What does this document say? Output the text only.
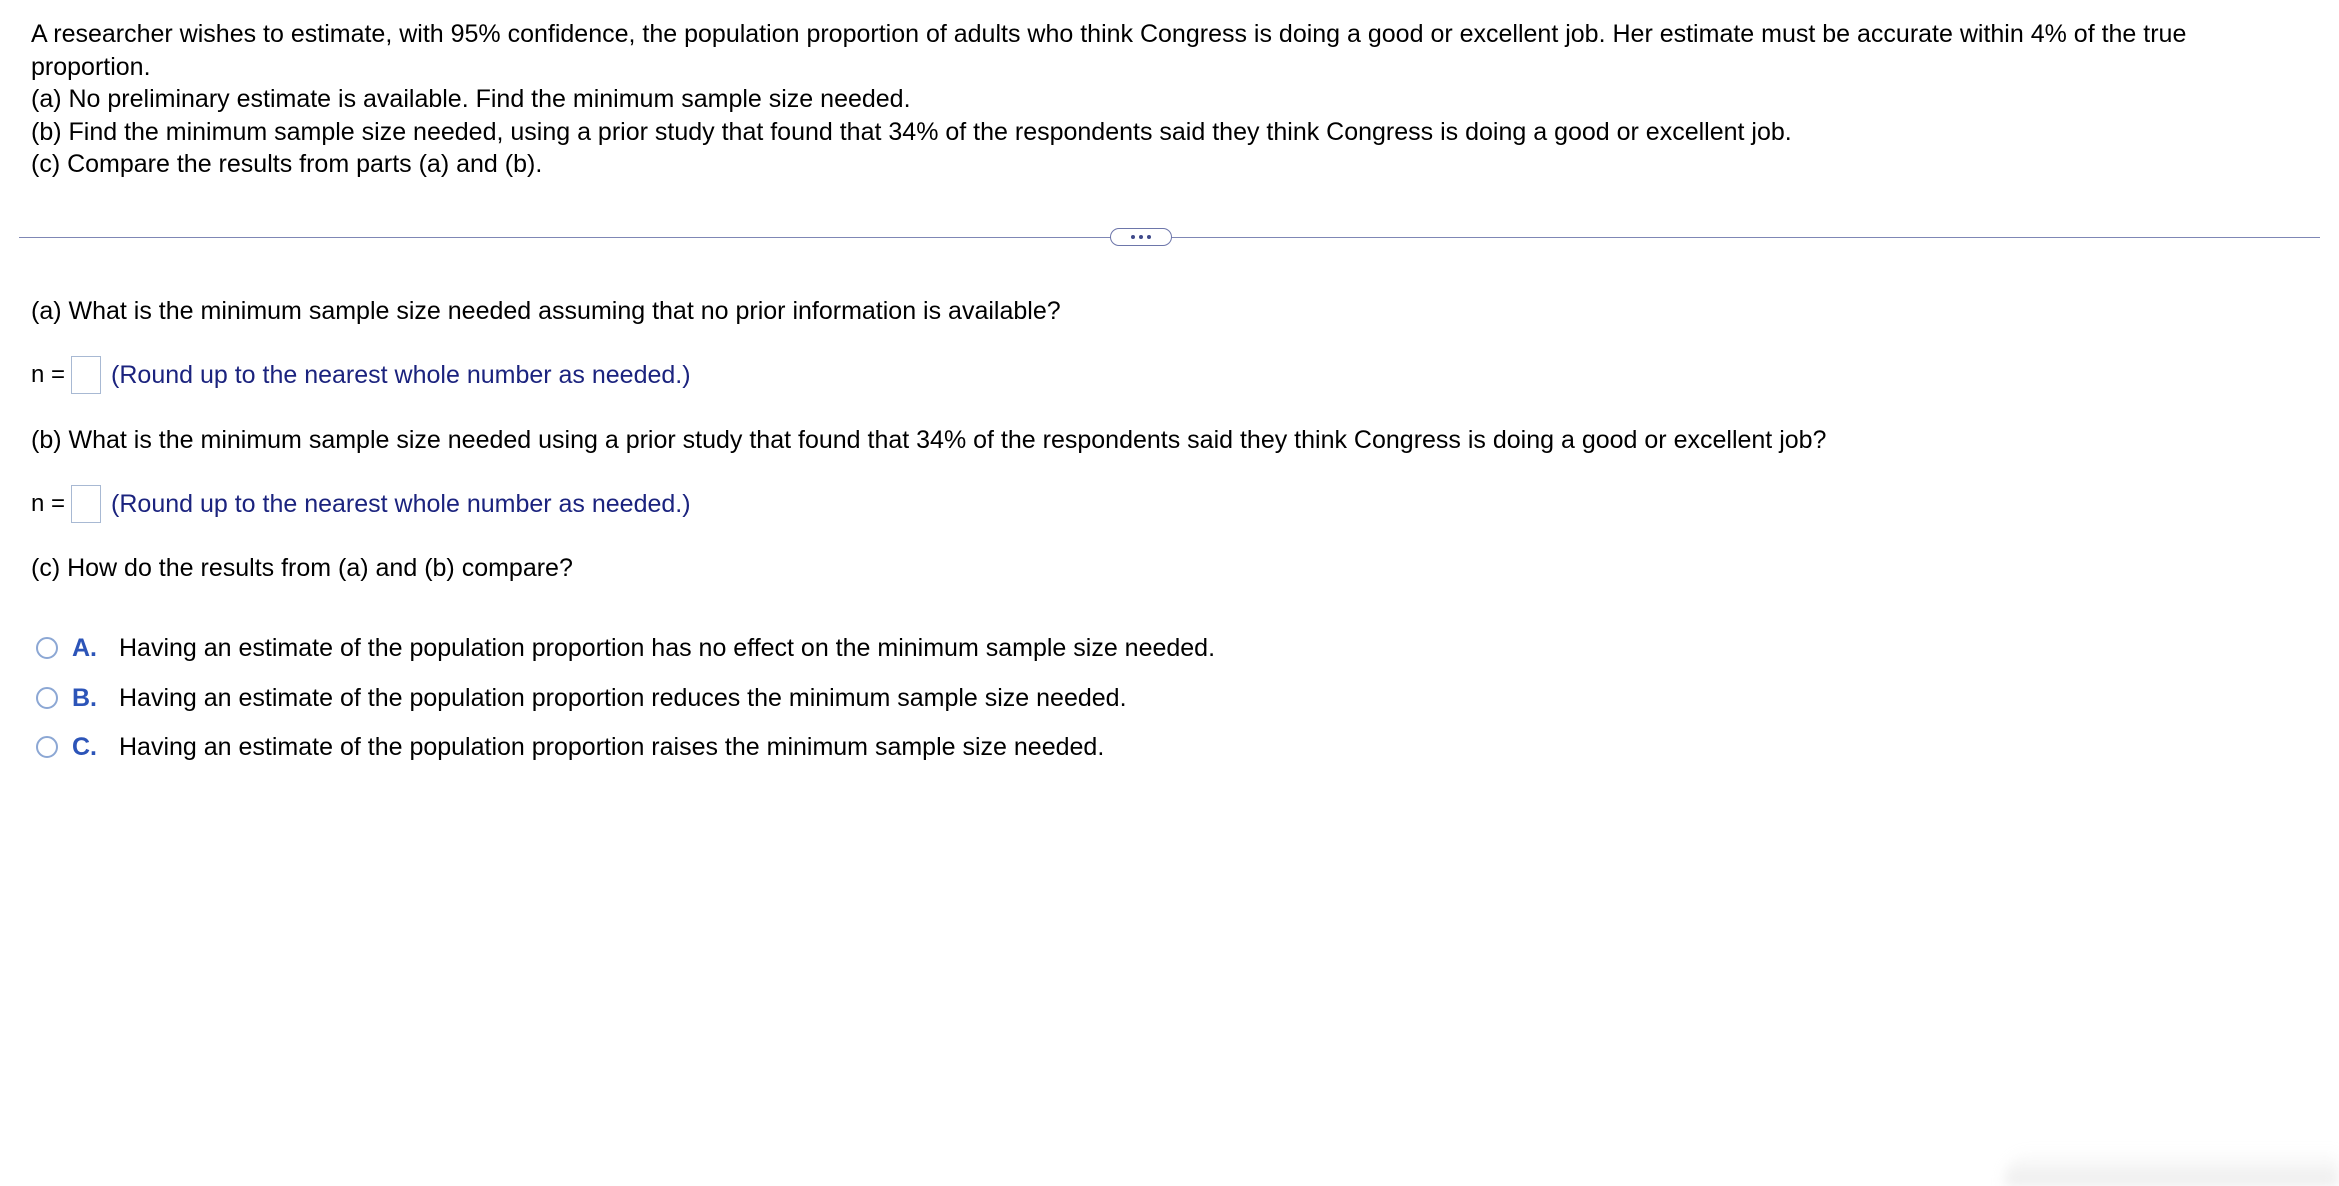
A researcher wishes to estimate, with 95% confidence, the population proportion of adults who think Congress is doing a good or excellent job. Her estimate must be accurate within 4% of the true

proportion.

(a) No preliminary estimate is available. Find the minimum sample size needed.

(b) Find the minimum sample size needed, using a prior study that found that 34% of the respondents said they think Congress is doing a good or excellent job.

(c) Compare the results from parts (a) and (b).

(a) What is the minimum sample size needed assuming that no prior information is available?
n = (Round up to the nearest whole number as needed.)
(b) What is the minimum sample size needed using a prior study that found that 34% of the respondents said they think Congress is doing a good or excellent job?
n = (Round up to the nearest whole number as needed.)
(c) How do the results from (a) and (b) compare?
A. Having an estimate of the population proportion has no effect on the minimum sample size needed.
B. Having an estimate of the population proportion reduces the minimum sample size needed.
C. Having an estimate of the population proportion raises the minimum sample size needed.
